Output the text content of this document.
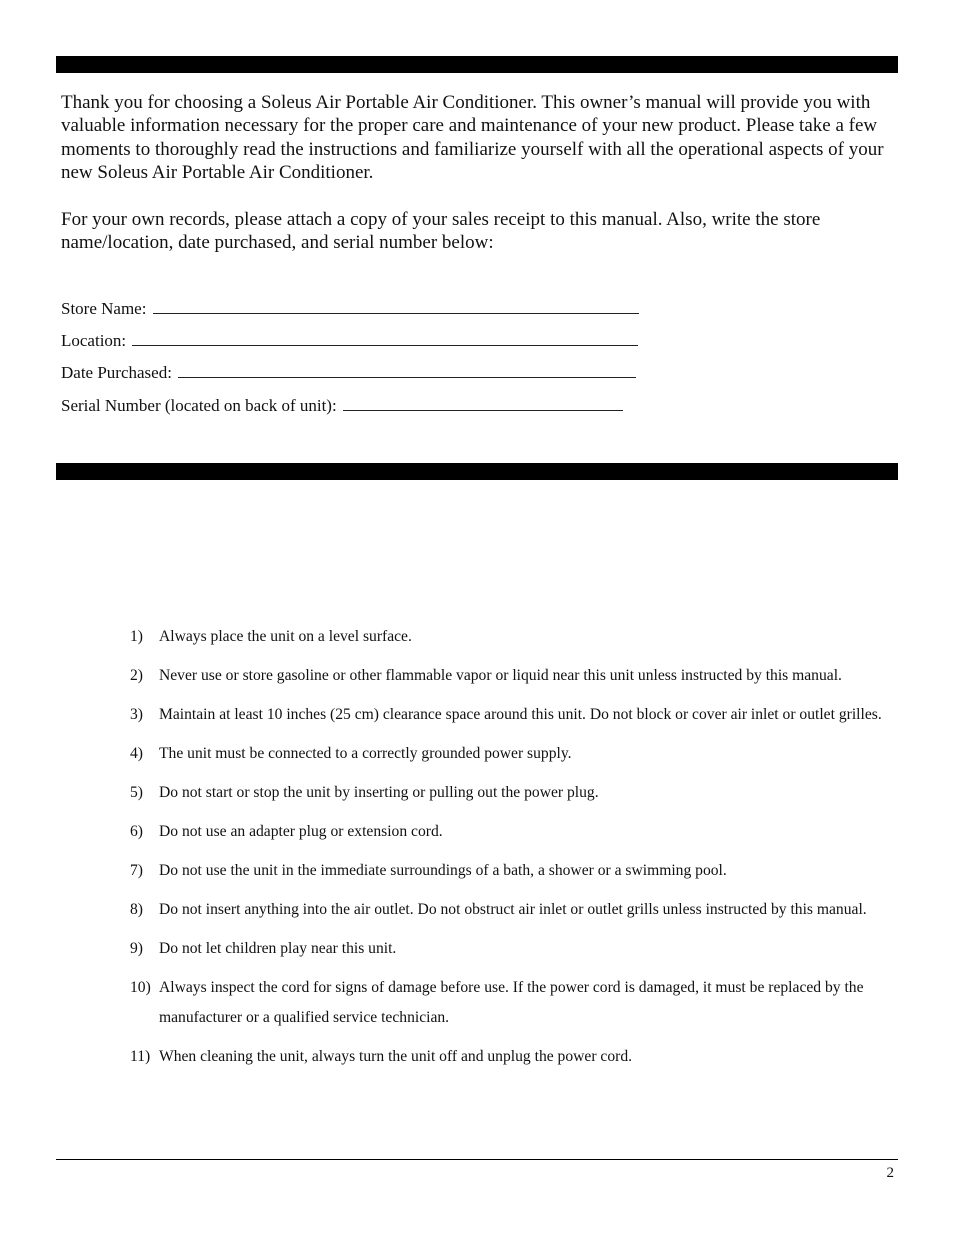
Thank you for choosing a Soleus Air Portable Air Conditioner. This owner’s manual will provide you with valuable information necessary for the proper care and maintenance of your new product. Please take a few moments to thoroughly read the instructions and familiarize yourself with all the operational aspects of your new Soleus Air Portable Air Conditioner.

For your own records, please attach a copy of your sales receipt to this manual. Also, write the store name/location, date purchased, and serial number below:

Store Name:
Location:
Date Purchased:
Serial Number (located on back of unit):
1) Always place the unit on a level surface.
2) Never use or store gasoline or other flammable vapor or liquid near this unit unless instructed by this manual.
3) Maintain at least 10 inches (25 cm) clearance space around this unit. Do not block or cover air inlet or outlet grilles.
4) The unit must be connected to a correctly grounded power supply.
5) Do not start or stop the unit by inserting or pulling out the power plug.
6) Do not use an adapter plug or extension cord.
7) Do not use the unit in the immediate surroundings of a bath, a shower or a swimming pool.
8) Do not insert anything into the air outlet. Do not obstruct air inlet or outlet grills unless instructed by this manual.
9) Do not let children play near this unit.
10) Always inspect the cord for signs of damage before use. If the power cord is damaged, it must be replaced by the manufacturer or a qualified service technician.
11) When cleaning the unit, always turn the unit off and unplug the power cord.
2
